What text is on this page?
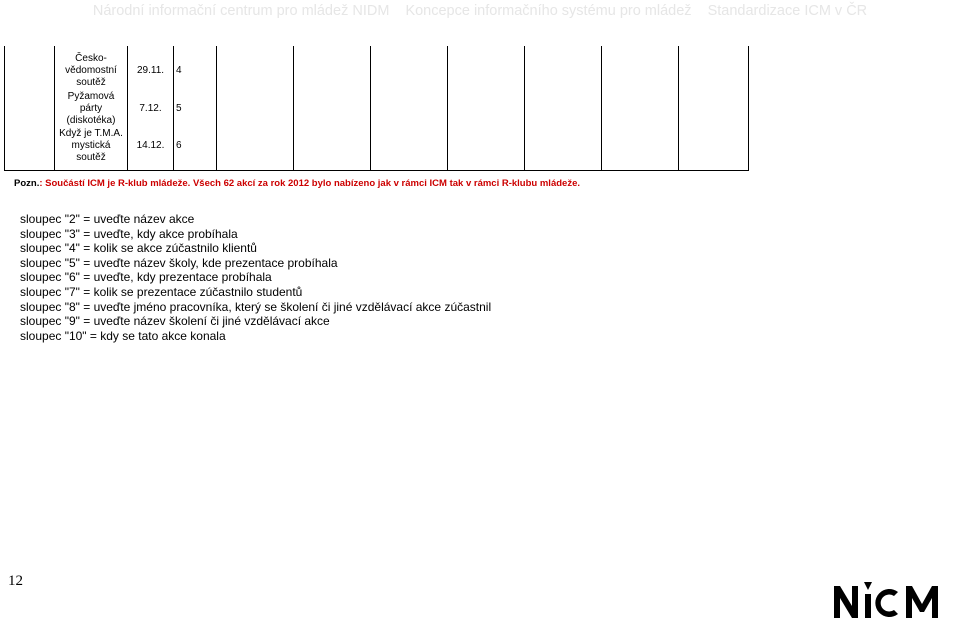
Národní informační centrum pro mládež NIDM Koncepce informačního systému pro mládež Standardizace ICM v ČR

	Česko-
vědomostní
soutěž	29.11.	4							

	Pyžamová
párty
(diskotéka)	7.12.	5							

	Když je T.M.A.
mystická
soutěž	14.12.	6							

Pozn.: Součástí ICM je R-klub mládeže. Všech 62 akcí za rok 2012 bylo nabízeno jak v rámci ICM tak v rámci R-klubu mládeže.
sloupec "2" = uveďte název akce
sloupec "3" = uveďte, kdy akce probíhala
sloupec "4" = kolik se akce zúčastnilo klientů
sloupec "5" = uveďte název školy, kde prezentace probíhala
sloupec "6" = uveďte, kdy prezentace probíhala
sloupec "7" = kolik se prezentace zúčastnilo studentů
sloupec "8" = uveďte jméno pracovníka, který se školení či jiné vzdělávací akce zúčastnil
sloupec "9" = uveďte název školení či jiné vzdělávací akce
sloupec "10" = kdy se tato akce konala
12
